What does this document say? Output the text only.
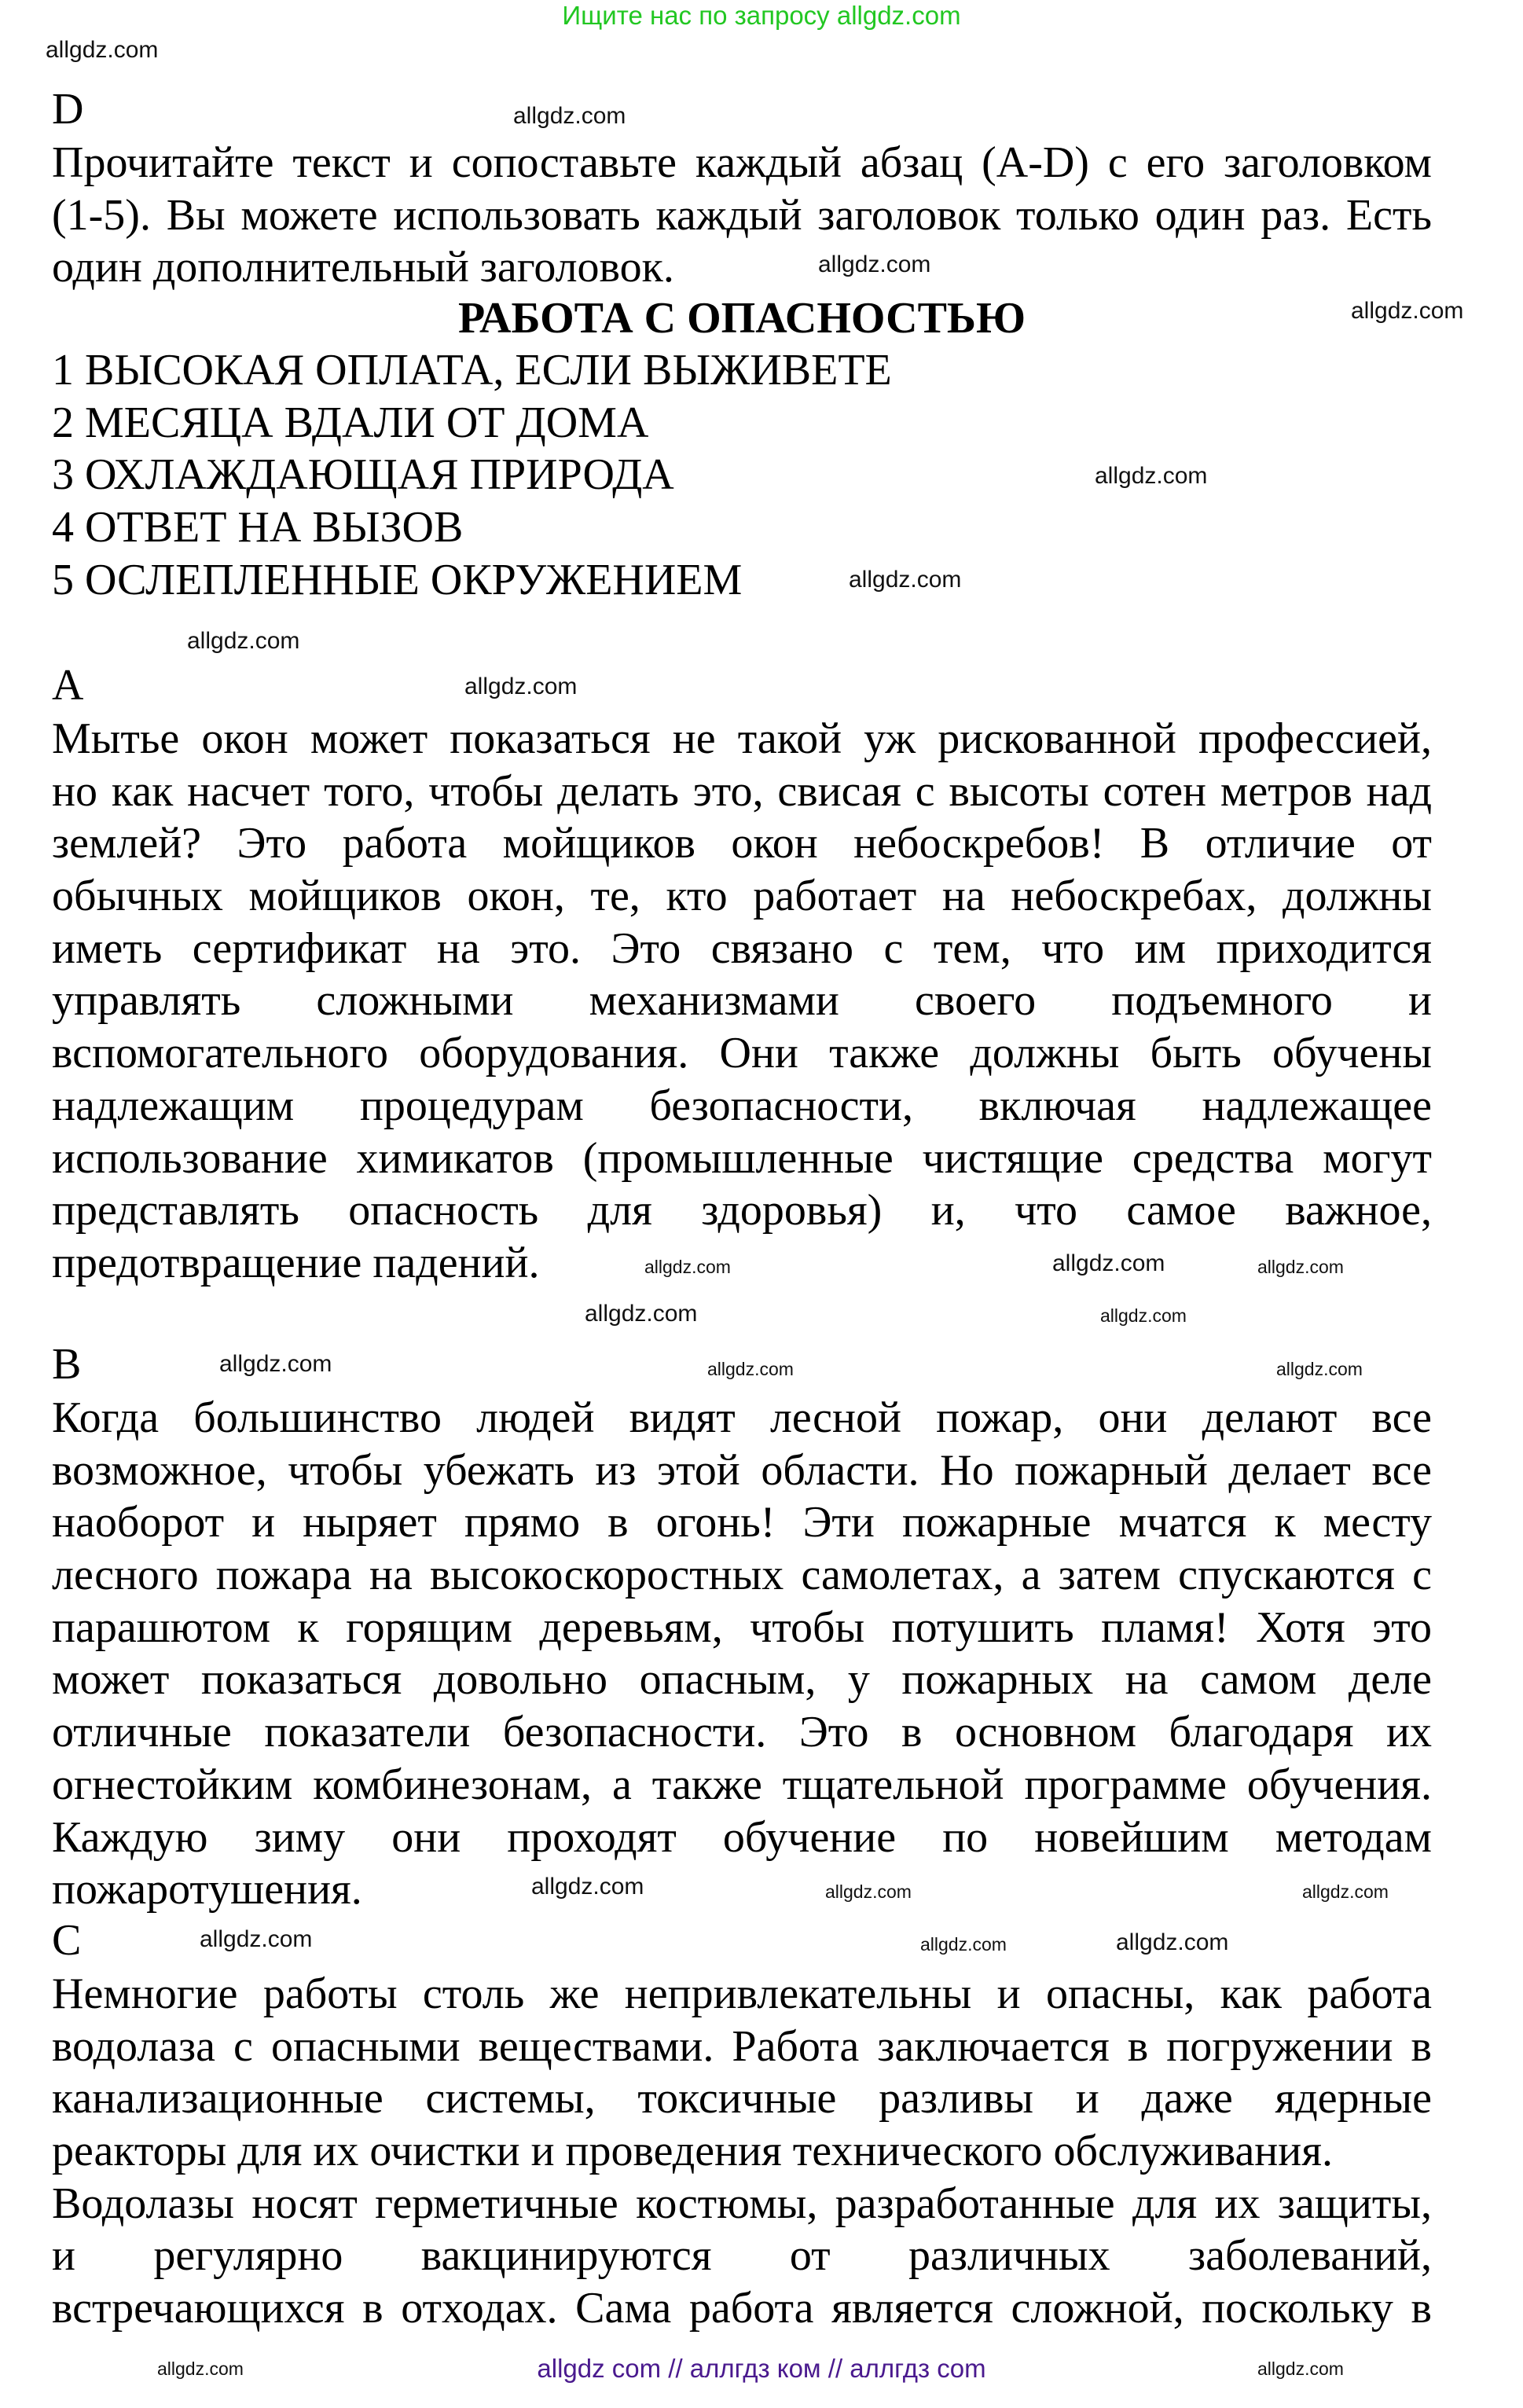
Ищите нас по запросу allgdz.com
D
Прочитайте текст и сопоставьте каждый абзац (A-D) с его заголовком
(1-5). Вы можете использовать каждый заголовок только один раз. Есть
один дополнительный заголовок.
РАБОТА С ОПАСНОСТЬЮ
1 ВЫСОКАЯ ОПЛАТА, ЕСЛИ ВЫЖИВЕТЕ
2 МЕСЯЦА ВДАЛИ ОТ ДОМА
3 ОХЛАЖДАЮЩАЯ ПРИРОДА
4 ОТВЕТ НА ВЫЗОВ
5 ОСЛЕПЛЕННЫЕ ОКРУЖЕНИЕМ
A
Мытье окон может показаться не такой уж рискованной профессией,
но как насчет того, чтобы делать это, свисая с высоты сотен метров над
землей? Это работа мойщиков окон небоскребов! В отличие от
обычных мойщиков окон, те, кто работает на небоскребах, должны
иметь сертификат на это. Это связано с тем, что им приходится
управлять сложными механизмами своего подъемного и
вспомогательного оборудования. Они также должны быть обучены
надлежащим процедурам безопасности, включая надлежащее
использование химикатов (промышленные чистящие средства могут
представлять опасность для здоровья) и, что самое важное,
предотвращение падений.
B
Когда большинство людей видят лесной пожар, они делают все
возможное, чтобы убежать из этой области. Но пожарный делает все
наоборот и ныряет прямо в огонь! Эти пожарные мчатся к месту
лесного пожара на высокоскоростных самолетах, а затем спускаются с
парашютом к горящим деревьям, чтобы потушить пламя! Хотя это
может показаться довольно опасным, у пожарных на самом деле
отличные показатели безопасности. Это в основном благодаря их
огнестойким комбинезонам, а также тщательной программе обучения.
Каждую зиму они проходят обучение по новейшим методам
пожаротушения.
C
Немногие работы столь же непривлекательны и опасны, как работа
водолаза с опасными веществами. Работа заключается в погружении в
канализационные системы, токсичные разливы и даже ядерные
реакторы для их очистки и проведения технического обслуживания.
Водолазы носят герметичные костюмы, разработанные для их защиты,
и регулярно вакцинируются от различных заболеваний,
встречающихся в отходах. Сама работа является сложной, поскольку в
allgdz.com
allgdz.com
allgdz.com
allgdz.com
allgdz.com
allgdz.com
allgdz.com
allgdz.com
allgdz.com	allgdz.com
allgdz.com
allgdz.com
allgdz.com
allgdz.com
allgdz.com	allgdz.com
allgdz.com
allgdz.com
allgdz.com	allgdz.com
allgdz.com
allgdz.com
allgdz.com	allgdz.com
allgdz com // аллгдз ком // аллгдз com
